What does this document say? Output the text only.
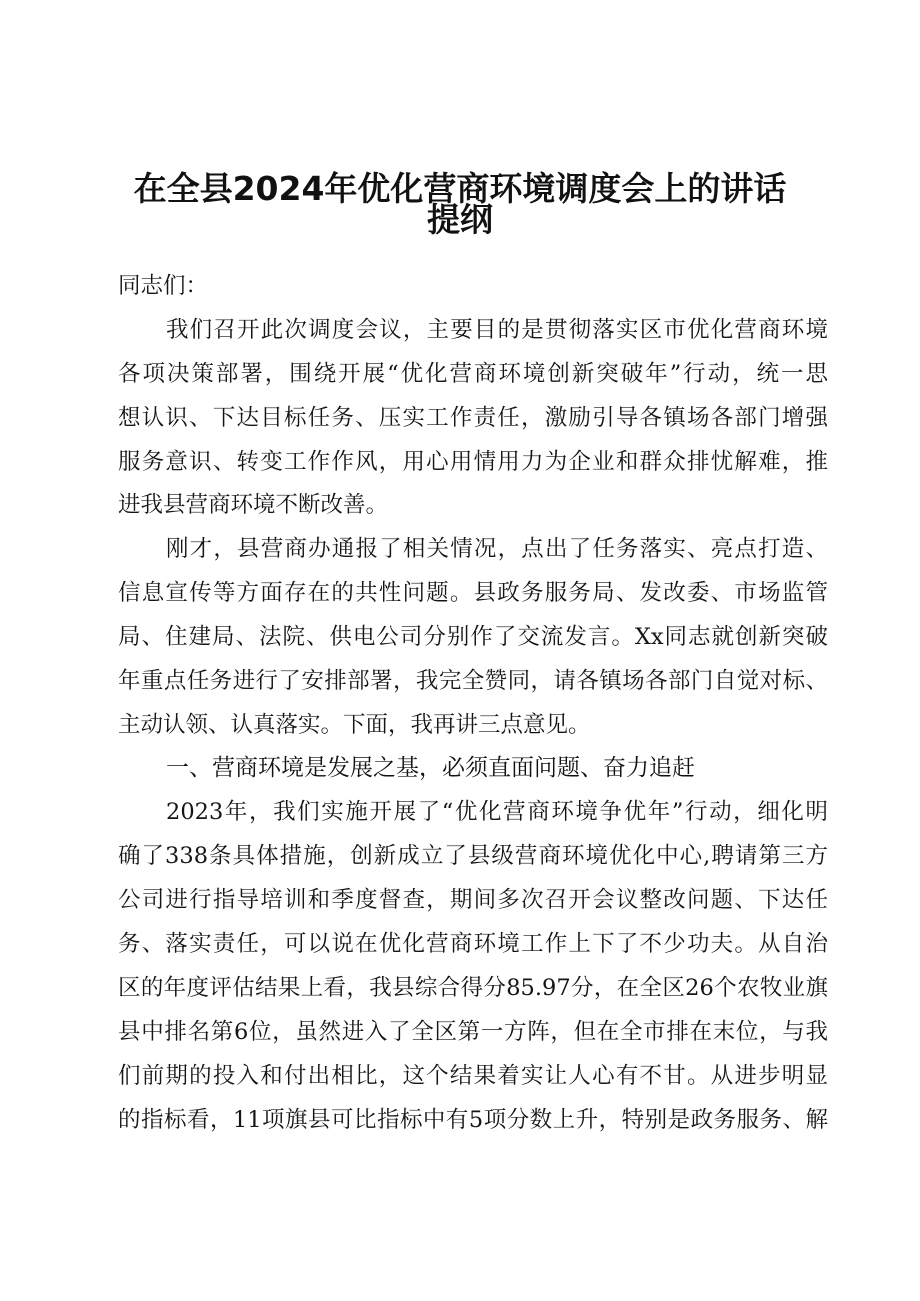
在全县2024年优化营商环境调度会上的讲话
提纲
同志们：
我们召开此次调度会议，主要目的是贯彻落实区市优化营商环境
各项决策部署，围绕开展“优化营商环境创新突破年”行动，统一思
想认识、下达目标任务、压实工作责任，激励引导各镇场各部门增强
服务意识、转变工作作风，用心用情用力为企业和群众排忧解难，推
进我县营商环境不断改善。
刚才，县营商办通报了相关情况，点出了任务落实、亮点打造、
信息宣传等方面存在的共性问题。县政务服务局、发改委、市场监管
局、住建局、法院、供电公司分别作了交流发言。Xx同志就创新突破
年重点任务进行了安排部署，我完全赞同，请各镇场各部门自觉对标、
主动认领、认真落实。下面，我再讲三点意见。
一、营商环境是发展之基，必须直面问题、奋力追赶
2023年，我们实施开展了“优化营商环境争优年”行动，细化明
确了338条具体措施，创新成立了县级营商环境优化中心,聘请第三方
公司进行指导培训和季度督查，期间多次召开会议整改问题、下达任
务、落实责任，可以说在优化营商环境工作上下了不少功夫。从自治
区的年度评估结果上看，我县综合得分85.97分，在全区26个农牧业旗
县中排名第6位，虽然进入了全区第一方阵，但在全市排在末位，与我
们前期的投入和付出相比，这个结果着实让人心有不甘。从进步明显
的指标看，11项旗县可比指标中有5项分数上升，特别是政务服务、解
